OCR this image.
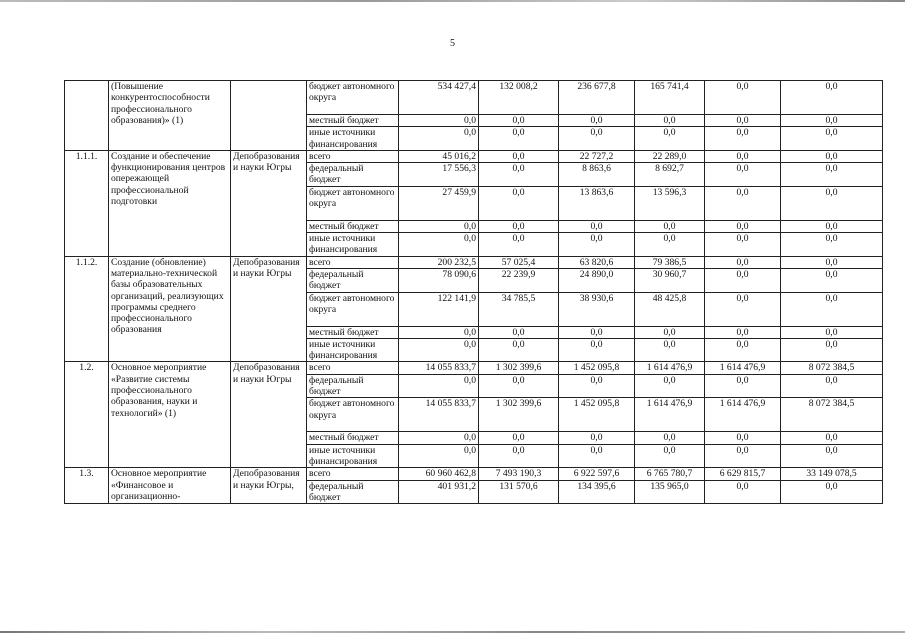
5
	(Повышение конкурентоспособности профессионального образования)» (1)		бюджет автономного округа	534 427,4	132 008,2	236 677,8	165 741,4	0,0	0,0
			местный бюджет	0,0	0,0	0,0	0,0	0,0	0,0
			иные источники финансирования	0,0	0,0	0,0	0,0	0,0	0,0
1.1.1.	Создание и обеспечение функционирования центров опережающей профессиональной подготовки	Депобразования и науки Югры	всего	45 016,2	0,0	22 727,2	22 289,0	0,0	0,0
			федеральный бюджет	17 556,3	0,0	8 863,6	8 692,7	0,0	0,0
			бюджет автономного округа	27 459,9	0,0	13 863,6	13 596,3	0,0	0,0
			местный бюджет	0,0	0,0	0,0	0,0	0,0	0,0
			иные источники финансирования	0,0	0,0	0,0	0,0	0,0	0,0
1.1.2.	Создание (обновление) материально-технической базы образовательных организаций, реализующих программы среднего профессионального образования	Депобразования и науки Югры	всего	200 232,5	57 025,4	63 820,6	79 386,5	0,0	0,0
			федеральный бюджет	78 090,6	22 239,9	24 890,0	30 960,7	0,0	0,0
			бюджет автономного округа	122 141,9	34 785,5	38 930,6	48 425,8	0,0	0,0
			местный бюджет	0,0	0,0	0,0	0,0	0,0	0,0
			иные источники финансирования	0,0	0,0	0,0	0,0	0,0	0,0
1.2.	Основное мероприятие «Развитие системы профессионального образования, науки и технологий» (1)	Депобразования и науки Югры	всего	14 055 833,7	1 302 399,6	1 452 095,8	1 614 476,9	1 614 476,9	8 072 384,5
			федеральный бюджет	0,0	0,0	0,0	0,0	0,0	0,0
			бюджет автономного округа	14 055 833,7	1 302 399,6	1 452 095,8	1 614 476,9	1 614 476,9	8 072 384,5
			местный бюджет	0,0	0,0	0,0	0,0	0,0	0,0
			иные источники финансирования	0,0	0,0	0,0	0,0	0,0	0,0
1.3.	Основное мероприятие «Финансовое и организационно-	Депобразования и науки Югры,	всего	60 960 462,8	7 493 190,3	6 922 597,6	6 765 780,7	6 629 815,7	33 149 078,5
			федеральный бюджет	401 931,2	131 570,6	134 395,6	135 965,0	0,0	0,0
